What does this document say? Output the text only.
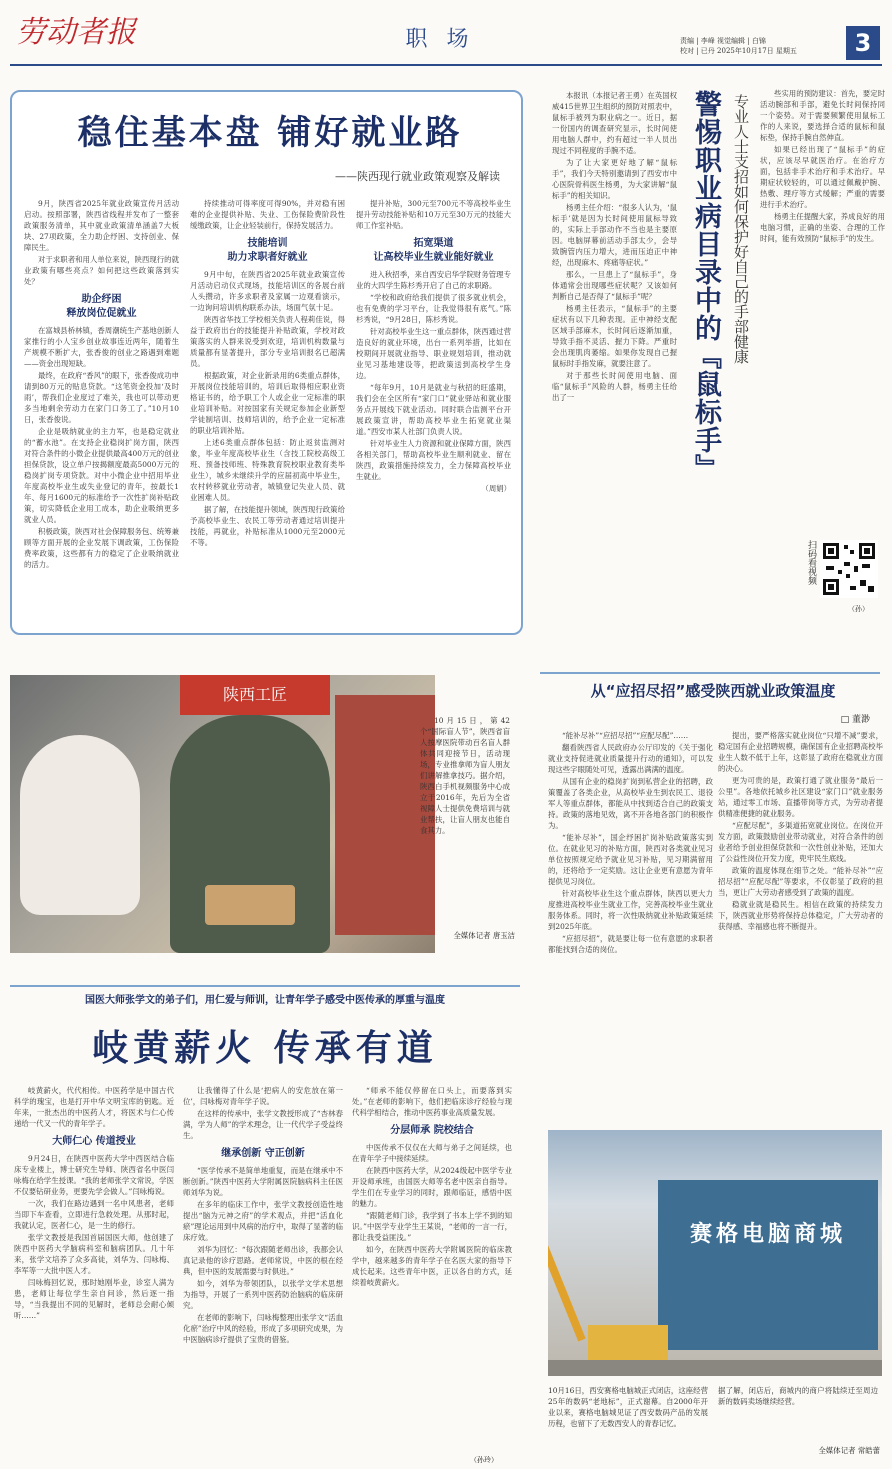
劳动者报	职 场	责编 | 李峰 视觉编辑 | 白锦
校对 | 已丹 2025年10月17日 星期五	3
稳住基本盘 铺好就业路
——陕西现行就业政策观察及解读

9月，陕西省2025年就业政策宣传月活动启动。按照部署，陕西省线程并发布了一整套政策服务清单，其中就业政策清单涵盖7大板块、27项政策，全力助企纾困、支持创业、保障民生。

对于求职者和用人单位来说，陕西现行的就业政策有哪些亮点？如何把这些政策落到实处？

助企纾困
释放岗位促就业

在富城县桥林镇，香周潮统生产基地创新人家推行的小人宝乡创业故事连近两年，随着生产规模不断扩大，张香俊的创业之路遇到难题——资金出现短缺。

最终，在政府“香风”的眼下，张香俊成功申请到80万元的贴息贷款。“这笔资金投加‘及时雨’，帮我们企业度过了难关，我也可以带动更多当地剩余劳动力在家门口务工了。”10月10日，张香俊说。

企业是吸纳就业的主力军，也是稳定就业的“蓄水池”。在支持企业稳岗扩岗方面，陕西对符合条件的小微企业提供最高400万元的创业担保贷款，设立单户按揭额度最高5000万元的稳岗扩岗专项贷款。对中小微企业中招用毕业年度高校毕业生或失业登记的青年，按最长1年、每月1600元的标准给予一次性扩岗补贴政策，切实降低企业用工成本，助企业吸纳更多就业人员。

积极政策，陕西对社会保障服务包、统筹兼顾等方面开展的企业发展下调政策，工伤保险费率政策，这些都有力的稳定了企业吸纳就业的活力。

持续推动可得率度可得90%，并对稳有困难的企业提供补贴、失业、工伤保险费阶段性缓缴政策，让企业轻装前行，保持发展活力。

技能培训
助力求职者好就业

9月中旬，在陕西省2025年就业政策宣传月活动启动仪式现场，技能培训区的各展台前人头攒动，许多求职者及家属一边观看演示，一边询问培训机构联系办法，场面气氛十足。

陕西省华技工学校相关负责人程莉佳说，得益于政府出台的技能提升补贴政策，学校对政策落实的人群来说受到欢迎，培训机构数量与质量都有显著提升，部分专业培训报名已超满员。

根据政策，对企业新录用的6类重点群体，开展岗位技能培训的，培训后取得相应职业资格证书的，给予职工个人或企业一定标准的职业培训补贴。对按国家有关规定参加企业新型学徒制培训、技师培训的，给予企业一定标准的职业培训补贴。

上述6类重点群体包括：防止返贫监测对象，毕业年度高校毕业生（含技工院校高级工班、预备技师班、特殊教育院校职业教育类毕业生），城乡未继续升学的应届初高中毕业生，农村转移就业劳动者，城镇登记失业人员、就业困难人员。

据了解，在技能提升领域，陕西现行政策给予高校毕业生、农民工等劳动者通过培训提升技能，再就业，补贴标准从1000元至2000元不等。

提升补贴，300元至700元不等高校毕业生提升劳动技能补贴和10万元至30万元的技能大师工作室补贴。

拓宽渠道
让高校毕业生就业能好就业

进入秋招季，来自西安启华学院财务管理专业的大四学生陈杉秀开启了自己的求职路。

“学校和政府给我们提供了很多就业机会，也有免费的学习平台，让我觉得很有底气。”陈杉秀说，“9月28日，陈杉秀说。

针对高校毕业生这一重点群体，陕西通过营造良好的就业环境，出台一系列举措，比如在校期间开展就业指导、职业规划培训，推动就业见习基地建设等，把政策送到高校学生身边。

“每年9月，10月是就业与秋招的旺盛期，我们会在全区所有“家门口”就业驿站和就业服务点开展线下就业活动。同时联合监测平台开展政策宣讲，帮助高校毕业生拓宽就业渠道。”西安市某人社部门负责人说。

针对毕业生人力资源和就业保障方面，陕西各相关部门，帮助高校毕业生顺利就业、留在陕西，政策措施持续发力，全力保障高校毕业生就业。

（周娟）

本报讯（本报记者王勇）在英国权威415世界卫生组织的预防对照表中，鼠标手被列为职业病之一。近日，据一份国内的调查研究显示，长时间使用电脑人群中，约有超过一半人员出现过不同程度的手腕不适。

为了让大家更好地了解“鼠标手”，我们今天特别邀请到了西安市中心医院骨科医生杨勇，为大家讲解“鼠标手”的相关知识。

杨勇主任介绍：“很多人认为，‘鼠标手’就是因为长时间使用鼠标导致的，实际上手部动作不当也是主要原因。电脑屏幕前活动手部太少，会导致腕管内压力增大，进而压迫正中神经，出现麻木、疼痛等症状。”

那么，一旦患上了“鼠标手”，身体通常会出现哪些症状呢？又该如何判断自己是否得了“鼠标手”呢？

杨勇主任表示，“鼠标手”的主要症状有以下几种表现。正中神经支配区域手部麻木，长时间后逐渐加重，导致手指不灵活、握力下降。严重时会出现肌肉萎缩。如果你发现自己握鼠标时手指发麻，就要注意了。

对于那些长时间使用电脑、面临“鼠标手”风险的人群，杨勇主任给出了一	警惕职业病目录中的『鼠标手』 专业人士支招如何保护好自己的手部健康

些实用的预防建议：首先，要定时活动腕部和手部，避免长时间保持同一个姿势。对于需要频繁使用鼠标工作的人来说，要选择合适的鼠标和鼠标垫，保持手腕自然伸直。

如果已经出现了“鼠标手”的症状，应该尽早就医治疗。在治疗方面，包括非手术治疗和手术治疗。早期症状较轻的，可以通过佩戴护腕、热敷、理疗等方式缓解；严重的需要进行手术治疗。

杨勇主任提醒大家，养成良好的用电脑习惯，正确的坐姿、合理的工作时间，能有效预防“鼠标手”的发生。

扫码看视频
（孙）
陕西工匠

10月15日，第42个“国际盲人节”，陕西省盲人按摩医院带动百名盲人群体共同迎接节日，活动现场，专业推拿师为盲人朋友们讲解推拿技巧。据介绍，陕西白手机视频服务中心成立于2016年，先后为全省视障人士提供免费培训与就业帮扶，让盲人朋友也能自食其力。

全媒体记者 唐玉洁
国医大师张学文的弟子们，用仁爱与师训，让青年学子感受中医传承的厚重与温度
岐黄薪火 传承有道

岐黄薪火，代代相传。中医药学是中国古代科学的瑰宝，也是打开中华文明宝库的钥匙。近年来，一批杰出的中医药人才，将医术与仁心传递给一代又一代的青年学子。

大师仁心 传道授业

9月24日，在陕西中医药大学中西医结合临床专业楼上，博士研究生导师、陕西省名中医闫咏梅在给学生授课。“我的老师张学文常说，学医不仅要钻研业务，更要先学会做人。”闫咏梅说。

一次，我们在路边遇到一名中风患者，老师当即下车查看，立即进行急救处理。从那时起，我就认定，医者仁心，是一生的修行。

张学文教授是我国首届国医大师，他创建了陕西中医药大学脑病科室和脑病团队。几十年来，张学文培养了众多高徒，刘华为、闫咏梅、李军等一大批中医人才。

闫咏梅回忆说，那时她刚毕业，诊室人满为患，老师让每位学生亲自问诊，然后逐一指导，“当我提出不同的见解时，老师总会耐心倾听……”

让我懂得了什么是‘把病人的安危放在第一位’，闫咏梅对青年学子说。

在这样的传承中，张学文教授形成了“杏林春满，学为人师”的学术理念，让一代代学子受益终生。

继承创新 守正创新

“医学传承不是简单地重复，而是在继承中不断创新。”陕西中医药大学附属医院脑病科主任医师刘华为说。

在多年的临床工作中，张学文教授创造性地提出“脑为元神之府”的学术观点，并把“活血化瘀”理论运用到中风病的治疗中，取得了显著的临床疗效。

刘华为回忆：“每次跟随老师出诊，我都会认真记录他的诊疗思路。老师常说，中医的根在经典，但中医的发展需要与时俱进。”

如今，刘华为带领团队，以张学文学术思想为指导，开展了一系列中医药防治脑病的临床研究。

在老师的影响下，闫咏梅整理出张学文“活血化瘀”治疗中风的经验，形成了多项研究成果，为中医脑病诊疗提供了宝贵的借鉴。

“师承不能仅停留在口头上，而要落到实处。”在老师的影响下，他们把临床诊疗经验与现代科学相结合，推动中医药事业高质量发展。

分层师承 院校结合

中医传承不仅仅在大师与弟子之间延续，也在青年学子中接续延续。

在陕西中医药大学，从2024级起中医学专业开设师承班，由国医大师等名老中医亲自指导。学生们在专业学习的同时，跟师临证，感悟中医的魅力。

“跟随老师门诊，我学到了书本上学不到的知识。”中医学专业学生王某说，“老师的一言一行，都让我受益匪浅。”

如今，在陕西中医药大学附属医院的临床教学中，越来越多的青年学子在名医大家的指导下成长起来。这些青年中医，正以各自的方式，延续着岐黄薪火。

（孙玲）
从“应招尽招”感受陕西就业政策温度
□ 董渺

“能补尽补”“应招尽招”“应配尽配”……

翻看陕西省人民政府办公厅印发的《关于强化就业支持促进就业质量提升行动的通知》，可以发现这些字眼随处可见，透露出满满的温度。

从国有企业的稳岗扩岗到私营企业的招聘，政策覆盖了各类企业，从高校毕业生到农民工、退役军人等重点群体，都能从中找到适合自己的政策支持。政策的落地见效，离不开各地各部门的积极作为。

“能补尽补”，国企纾困扩岗补贴政策落实到位。在就业见习的补贴方面，陕西对各类就业见习单位按照规定给予就业见习补贴，见习期满留用的，还将给予一定奖励。这让企业更有意愿为青年提供见习岗位。

针对高校毕业生这个重点群体，陕西以更大力度推进高校毕业生就业工作，完善高校毕业生就业服务体系。同时，将一次性吸纳就业补贴政策延续到2025年底。

“应招尽招”，就是要让每一位有意愿的求职者都能找到合适的岗位。

提出，要严格落实就业岗位“只增不减”要求，稳定国有企业招聘规模，确保国有企业招聘高校毕业生人数不低于上年，这彰显了政府在稳就业方面的决心。

更为可贵的是，政策打通了就业服务“最后一公里”。各地依托城乡社区建设“家门口”就业服务站，通过零工市场、直播带岗等方式，为劳动者提供精准便捷的就业服务。

“应配尽配”，多渠道拓宽就业岗位。在岗位开发方面，政策鼓励创业带动就业，对符合条件的创业者给予创业担保贷款和一次性创业补贴，还加大了公益性岗位开发力度，兜牢民生底线。

政策的温度体现在细节之处。“能补尽补”“应招尽招”“应配尽配”等要求，不仅彰显了政府的担当，更让广大劳动者感受到了政策的温度。

稳就业就是稳民生。相信在政策的持续发力下，陕西就业形势将保持总体稳定，广大劳动者的获得感、幸福感也将不断提升。

赛格电脑商城
10月16日，西安赛格电脑城正式闭店，这座经营25年的数码“老地标”，正式谢幕。自2000年开业以来，赛格电脑城见证了西安数码产品的发展历程，也留下了无数西安人的青春记忆。
据了解，闭店后，商城内的商户将陆续迁至周边新的数码卖场继续经营。
全媒体记者 常皓蕾
